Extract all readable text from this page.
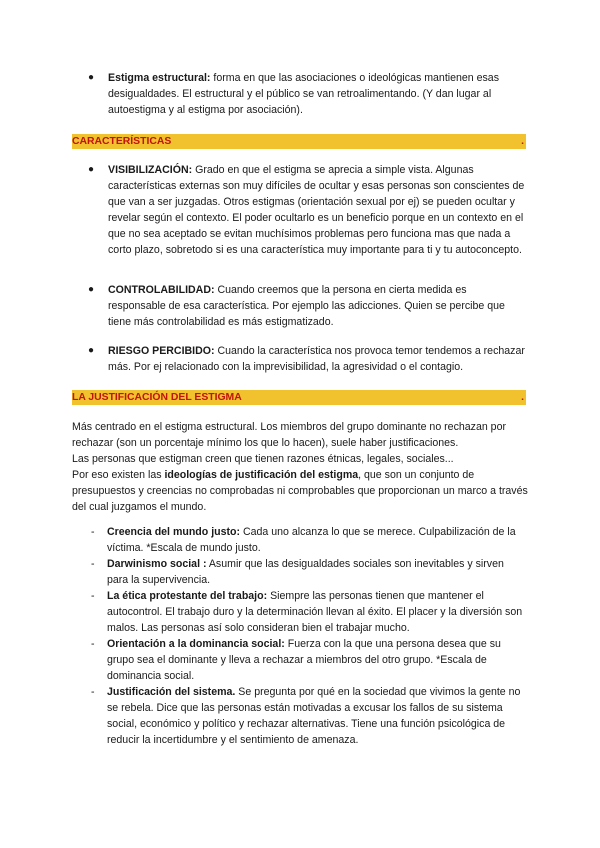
● Estigma estructural: forma en que las asociaciones o ideológicas mantienen esas desigualdades. El estructural y el público se van retroalimentando. (Y dan lugar al autoestigma y al estigma por asociación).
CARACTERÍSTICAS	.
● VISIBILIZACIÓN: Grado en que el estigma se aprecia a simple vista. Algunas características externas son muy difíciles de ocultar y esas personas son conscientes de que van a ser juzgadas. Otros estigmas (orientación sexual por ej) se pueden ocultar y revelar según el contexto. El poder ocultarlo es un beneficio porque en un contexto en el que no sea aceptado se evitan muchísimos problemas pero funciona mas que nada a corto plazo, sobretodo si es una característica muy importante para ti y tu autoconcepto.
● CONTROLABILIDAD: Cuando creemos que la persona en cierta medida es responsable de esa característica. Por ejemplo las adicciones. Quien se percibe que tiene más controlabilidad es más estigmatizado.
● RIESGO PERCIBIDO: Cuando la característica nos provoca temor tendemos a rechazar más. Por ej relacionado con la imprevisibilidad, la agresividad o el contagio.
LA JUSTIFICACIÓN DEL ESTIGMA	.
Más centrado en el estigma estructural. Los miembros del grupo dominante no rechazan por rechazar (son un porcentaje mínimo los que lo hacen), suele haber justificaciones.
Las personas que estigman creen que tienen razones étnicas, legales, sociales...
Por eso existen las ideologías de justificación del estigma, que son un conjunto de presupuestos y creencias no comprobadas ni comprobables que proporcionan un marco a través del cual juzgamos el mundo.
- Creencia del mundo justo: Cada uno alcanza lo que se merece. Culpabilización de la víctima. *Escala de mundo justo.
- Darwinismo social : Asumir que las desigualdades sociales son inevitables y sirven para la supervivencia.
- La ética protestante del trabajo: Siempre las personas tienen que mantener el autocontrol. El trabajo duro y la determinación llevan al éxito. El placer y la diversión son malos. Las personas así solo consideran bien el trabajar mucho.
- Orientación a la dominancia social: Fuerza con la que una persona desea que su grupo sea el dominante y lleva a rechazar a miembros del otro grupo. *Escala de dominancia social.
- Justificación del sistema. Se pregunta por qué en la sociedad que vivimos la gente no se rebela. Dice que las personas están motivadas a excusar los fallos de su sistema social, económico y político y rechazar alternativas. Tiene una función psicológica de reducir la incertidumbre y el sentimiento de amenaza.
